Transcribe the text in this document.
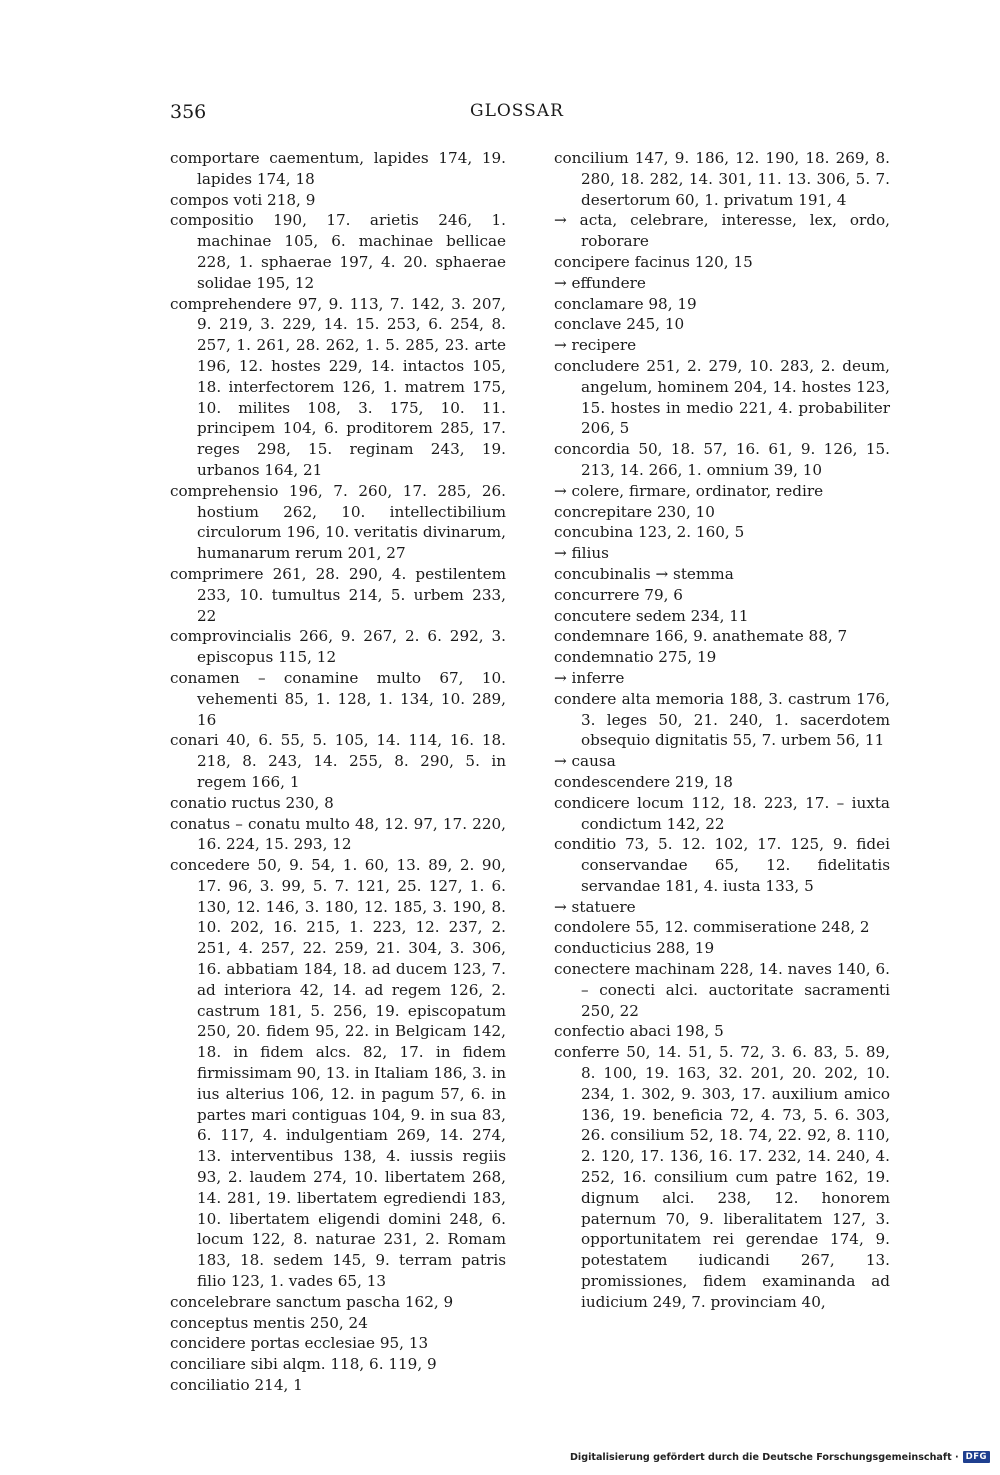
356	GLOSSAR

comportare caementum, lapides 174, 19. lapides 174, 18

compos voti 218, 9

compositio 190, 17. arietis 246, 1. machinae 105, 6. machinae bellicae 228, 1. sphaerae 197, 4. 20. sphaerae solidae 195, 12

comprehendere 97, 9. 113, 7. 142, 3. 207, 9. 219, 3. 229, 14. 15. 253, 6. 254, 8. 257, 1. 261, 28. 262, 1. 5. 285, 23. arte 196, 12. hostes 229, 14. intactos 105, 18. interfectorem 126, 1. matrem 175, 10. milites 108, 3. 175, 10. 11. principem 104, 6. proditorem 285, 17. reges 298, 15. reginam 243, 19. urbanos 164, 21

comprehensio 196, 7. 260, 17. 285, 26. hostium 262, 10. intellectibilium circulorum 196, 10. veritatis divinarum, humanarum rerum 201, 27

comprimere 261, 28. 290, 4. pestilentem 233, 10. tumultus 214, 5. urbem 233, 22

comprovincialis 266, 9. 267, 2. 6. 292, 3. episcopus 115, 12

conamen – conamine multo 67, 10. vehementi 85, 1. 128, 1. 134, 10. 289, 16

conari 40, 6. 55, 5. 105, 14. 114, 16. 18. 218, 8. 243, 14. 255, 8. 290, 5. in regem 166, 1

conatio ructus 230, 8

conatus – conatu multo 48, 12. 97, 17. 220, 16. 224, 15. 293, 12

concedere 50, 9. 54, 1. 60, 13. 89, 2. 90, 17. 96, 3. 99, 5. 7. 121, 25. 127, 1. 6. 130, 12. 146, 3. 180, 12. 185, 3. 190, 8. 10. 202, 16. 215, 1. 223, 12. 237, 2. 251, 4. 257, 22. 259, 21. 304, 3. 306, 16. abbatiam 184, 18. ad ducem 123, 7. ad interiora 42, 14. ad regem 126, 2. castrum 181, 5. 256, 19. episcopatum 250, 20. fidem 95, 22. in Belgicam 142, 18. in fidem alcs. 82, 17. in fidem firmissimam 90, 13. in Italiam 186, 3. in ius alterius 106, 12. in pagum 57, 6. in partes mari contiguas 104, 9. in sua 83, 6. 117, 4. indulgentiam 269, 14. 274, 13. interventibus 138, 4. iussis regiis 93, 2. laudem 274, 10. libertatem 268, 14. 281, 19. libertatem egrediendi 183, 10. libertatem eligendi domini 248, 6. locum 122, 8. naturae 231, 2. Romam 183, 18. sedem 145, 9. terram patris filio 123, 1. vades 65, 13

concelebrare sanctum pascha 162, 9

conceptus mentis 250, 24

concidere portas ecclesiae 95, 13

conciliare sibi alqm. 118, 6. 119, 9

conciliatio 214, 1

concilium 147, 9. 186, 12. 190, 18. 269, 8. 280, 18. 282, 14. 301, 11. 13. 306, 5. 7. desertorum 60, 1. privatum 191, 4

→ acta, celebrare, interesse, lex, ordo, roborare

concipere facinus 120, 15

→ effundere

conclamare 98, 19

conclave 245, 10

→ recipere

concludere 251, 2. 279, 10. 283, 2. deum, angelum, hominem 204, 14. hostes 123, 15. hostes in medio 221, 4. probabiliter 206, 5

concordia 50, 18. 57, 16. 61, 9. 126, 15. 213, 14. 266, 1. omnium 39, 10

→ colere, firmare, ordinator, redire

concrepitare 230, 10

concubina 123, 2. 160, 5

→ filius

concubinalis → stemma

concurrere 79, 6

concutere sedem 234, 11

condemnare 166, 9. anathemate 88, 7

condemnatio 275, 19

→ inferre

condere alta memoria 188, 3. castrum 176, 3. leges 50, 21. 240, 1. sacerdotem obsequio dignitatis 55, 7. urbem 56, 11

→ causa

condescendere 219, 18

condicere locum 112, 18. 223, 17. – iuxta condictum 142, 22

conditio 73, 5. 12. 102, 17. 125, 9. fidei conservandae 65, 12. fidelitatis servandae 181, 4. iusta 133, 5

→ statuere

condolere 55, 12. commiseratione 248, 2

conducticius 288, 19

conectere machinam 228, 14. naves 140, 6. – conecti alci. auctoritate sacramenti 250, 22

confectio abaci 198, 5

conferre 50, 14. 51, 5. 72, 3. 6. 83, 5. 89, 8. 100, 19. 163, 32. 201, 20. 202, 10. 234, 1. 302, 9. 303, 17. auxilium amico 136, 19. beneficia 72, 4. 73, 5. 6. 303, 26. consilium 52, 18. 74, 22. 92, 8. 110, 2. 120, 17. 136, 16. 17. 232, 14. 240, 4. 252, 16. consilium cum patre 162, 19. dignum alci. 238, 12. honorem paternum 70, 9. liberalitatem 127, 3. opportunitatem rei gerendae 174, 9. potestatem iudicandi 267, 13. promissiones, fidem examinanda ad iudicium 249, 7. provinciam 40,

Digitalisierung gefördert durch die Deutsche Forschungsgemeinschaft · DFG
